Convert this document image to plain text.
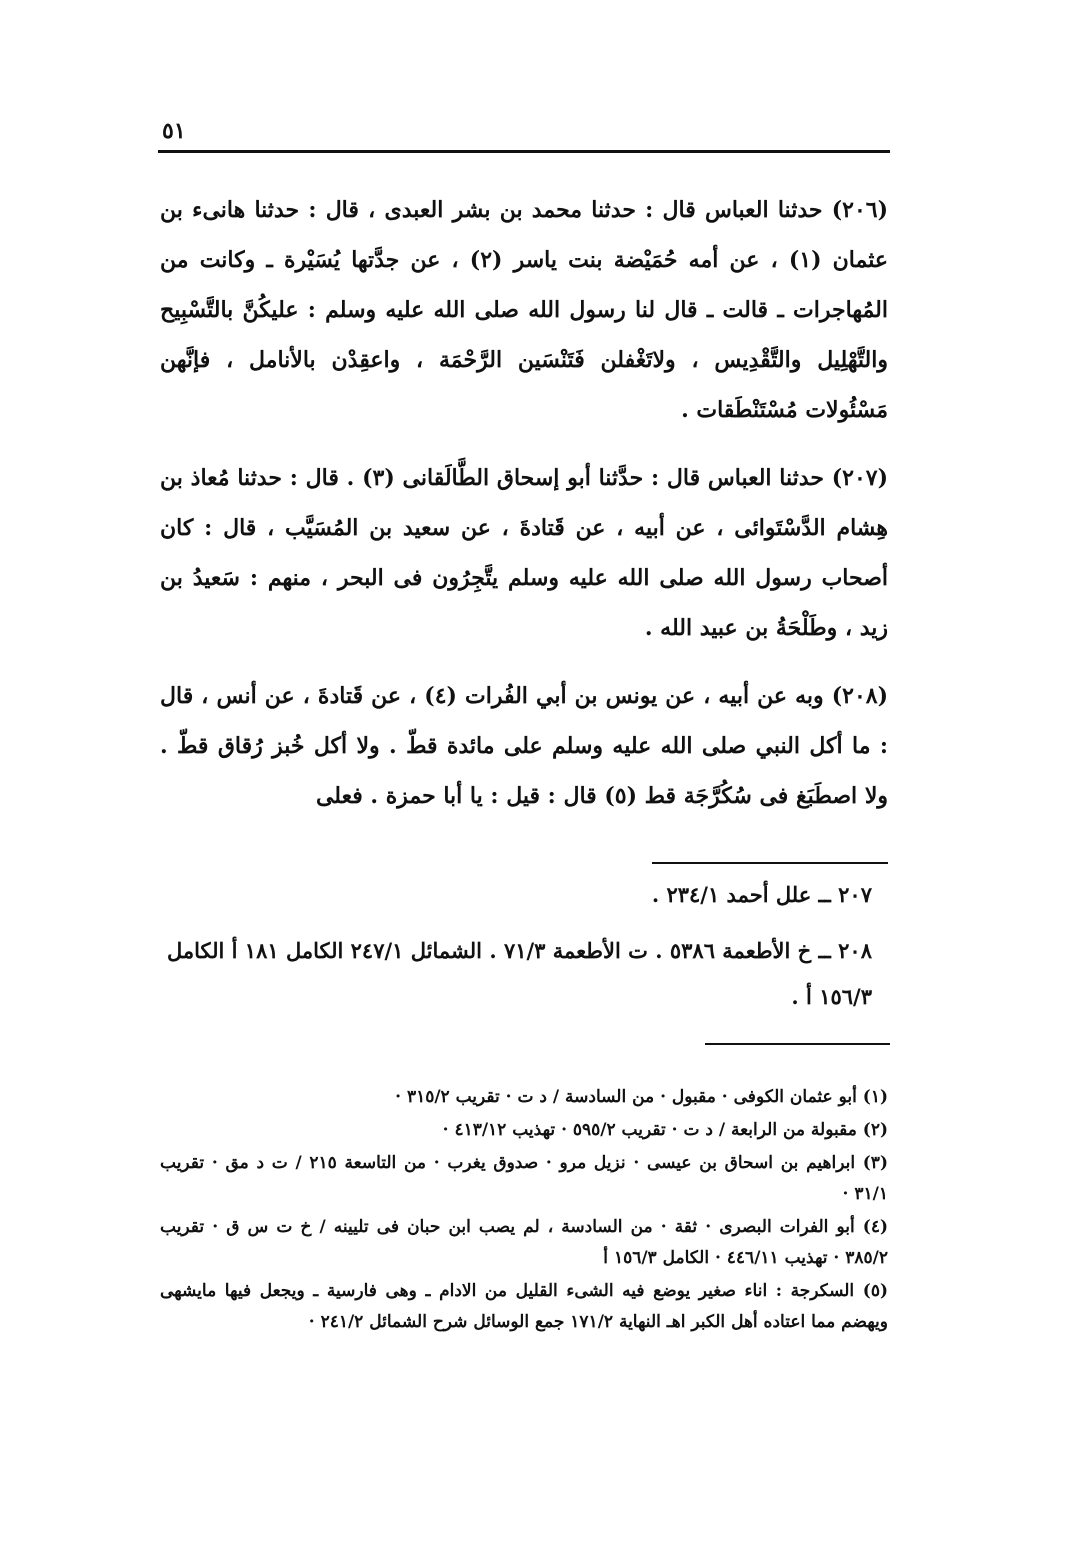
٥١

(٢٠٦) حدثنا العباس قال : حدثنا محمد بن بشر العبدى ، قال : حدثنا هانىء بن عثمان (١) ، عن أمه حُمَيْضة بنت ياسر (٢) ، عن جدَّتها يُسَيْرة ـ وكانت من المُهاجرات ـ قالت ـ قال لنا رسول الله صلى الله عليه وسلم : عليكُنَّ بالتَّسْبِيح والتَّهْلِيل والتَّقْدِيس ، ولاتَغْفلن فَتَنْسَين الرَّحْمَة ، واعقِدْن بالأنامل ، فإنَّهن مَسْئُولات مُسْتَنْطَقات .

(٢٠٧) حدثنا العباس قال : حدَّثنا أبو إسحاق الطَّالَقانى (٣) . قال : حدثنا مُعاذ بن هِشام الدَّسْتَوائى ، عن أبيه ، عن قَتادةَ ، عن سعيد بن المُسَيَّب ، قال : كان أصحاب رسول الله صلى الله عليه وسلم يتَّجِرُون فى البحر ، منهم : سَعيدُ بن زيد ، وطَلْحَةُ بن عبيد الله .

(٢٠٨) وبه عن أبيه ، عن يونس بن أبي الفُرات (٤) ، عن قَتادةَ ، عن أنس ، قال : ما أكل النبي صلى الله عليه وسلم على مائدة قطّ . ولا أكل خُبز رُقاق قطّ . ولا اصطَبَغ فى سُكُرَّجَة قط (٥) قال : قيل : يا أبا حمزة . فعلى

٢٠٧ ــ علل أحمد ٢٣٤/١ .

٢٠٨ ــ خ الأطعمة ٥٣٨٦ . ت الأطعمة ٧١/٣ . الشمائل ٢٤٧/١ الكامل ١٨١ أ الكامل ١٥٦/٣ أ .

(١) أبو عثمان الكوفى · مقبول · من السادسة / د ت · تقريب ٣١٥/٢ ·

(٢) مقبولة من الرابعة / د ت · تقريب ٥٩٥/٢ · تهذيب ٤١٣/١٢ ·

(٣) ابراهيم بن اسحاق بن عيسى · نزيل مرو · صدوق يغرب · من التاسعة ٢١٥ / ت د مق · تقريب ٣١/١ ·

(٤) أبو الفرات البصرى · ثقة · من السادسة ، لم يصب ابن حبان فى تليينه / خ ت س ق · تقريب ٣٨٥/٢ · تهذيب ٤٤٦/١١ · الكامل ١٥٦/٣ أ

(٥) السكرجة : اناء صغير يوضع فيه الشىء القليل من الادام ـ وهى فارسية ـ ويجعل فيها مايشهى ويهضم مما اعتاده أهل الكبر اهـ النهاية ١٧١/٢ جمع الوسائل شرح الشمائل ٢٤١/٢ ·
